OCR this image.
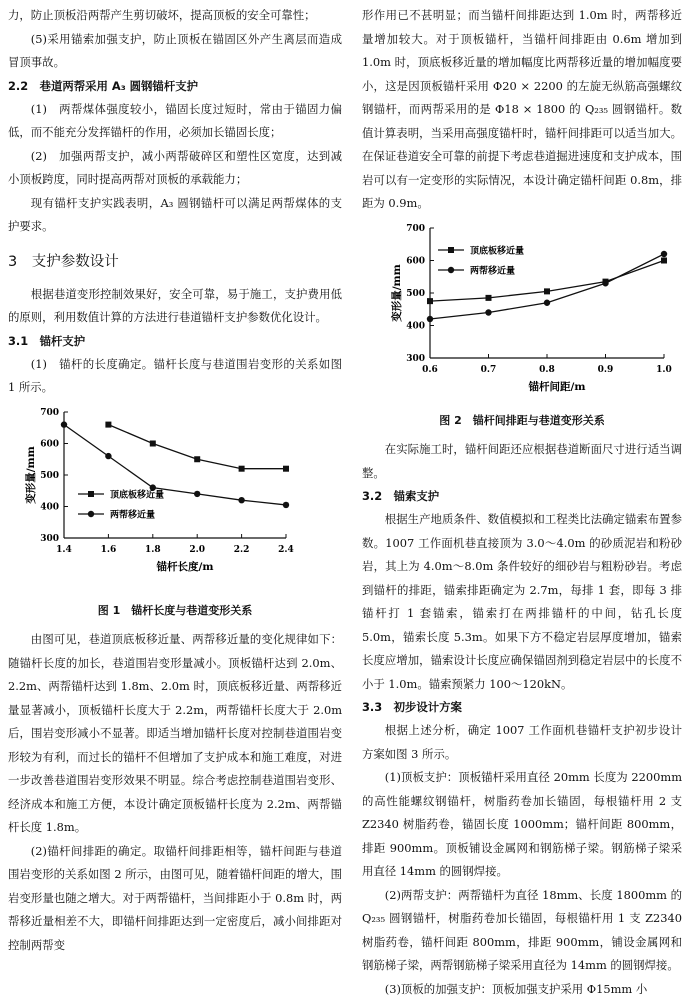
力，防止顶板沿两帮产生剪切破坏，提高顶板的安全可靠性；

(5)采用锚索加强支护，防止顶板在锚固区外产生离层而造成冒顶事故。

2.2　巷道两帮采用 A₃ 圆钢锚杆支护

(1)　两帮煤体强度较小，锚固长度过短时，常由于锚固力偏低，而不能充分发挥锚杆的作用，必须加长锚固长度；

(2)　加强两帮支护，减小两帮破碎区和塑性区宽度，达到减小顶板跨度，同时提高两帮对顶板的承载能力；

现有锚杆支护实践表明，A₃ 圆钢锚杆可以满足两帮煤体的支护要求。

3　支护参数设计

根据巷道变形控制效果好，安全可靠，易于施工，支护费用低的原则，利用数值计算的方法进行巷道锚杆支护参数优化设计。

3.1　锚杆支护

(1)　锚杆的长度确定。锚杆长度与巷道围岩变形的关系如图 1 所示。

300
400
500
600
700
1.4	1.6	1.8	2.0	2.2	2.4
锚杆长度/m
变形量/mm	顶底板移近量
两帮移近量
图 1　锚杆长度与巷道变形关系

由图可见，巷道顶底板移近量、两帮移近量的变化规律如下：随锚杆长度的加长，巷道围岩变形量减小。顶板锚杆达到 2.0m、2.2m、两帮锚杆达到 1.8m、2.0m 时，顶底板移近量、两帮移近量显著减小，顶板锚杆长度大于 2.2m，两帮锚杆长度大于 2.0m 后，围岩变形减小不显著。即适当增加锚杆长度对控制巷道围岩变形较为有利，而过长的锚杆不但增加了支护成本和施工难度，对进一步改善巷道围岩变形效果不明显。综合考虑控制巷道围岩变形、经济成本和施工方便，本设计确定顶板锚杆长度为 2.2m、两帮锚杆长度 1.8m。

(2)锚杆间排距的确定。取锚杆间排距相等，锚杆间距与巷道围岩变形的关系如图 2 所示，由图可见，随着锚杆间距的增大，围岩变形量也随之增大。对于两帮锚杆，当间排距小于 0.8m 时，两帮移近量相差不大，即锚杆间排距达到一定密度后，减小间排距对控制两帮变

形作用已不甚明显；而当锚杆间排距达到 1.0m 时，两帮移近量增加较大。对于顶板锚杆，当锚杆间排距由 0.6m 增加到 1.0m 时，顶底板移近量的增加幅度比两帮移近量的增加幅度要小，这是因顶板锚杆采用 Φ20 × 2200 的左旋无纵筋高强螺纹钢锚杆，而两帮采用的是 Φ18 × 1800 的 Q₂₃₅ 圆钢锚杆。数值计算表明，当采用高强度锚杆时，锚杆间排距可以适当加大。在保证巷道安全可靠的前提下考虑巷道掘进速度和支护成本，围岩可以有一定变形的实际情况，本设计确定锚杆间距 0.8m，排距为 0.9m。

300
400
500
600
700
0.6	0.7	0.8	0.9	1.0
锚杆间距/m
变形量/mm
顶底板移近量
两帮移近量
图 2　锚杆间排距与巷道变形关系

在实际施工时，锚杆间距还应根据巷道断面尺寸进行适当调整。

3.2　锚索支护

根据生产地质条件、数值模拟和工程类比法确定锚索布置参数。1007 工作面机巷直接顶为 3.0～4.0m 的砂质泥岩和粉砂岩，其上为 4.0m～8.0m 条件较好的细砂岩与粗粉砂岩。考虑到锚杆的排距，锚索排距确定为 2.7m，每排 1 套，即每 3 排锚杆打 1 套锚索，锚索打在两排锚杆的中间，钻孔长度 5.0m，锚索长度 5.3m。如果下方不稳定岩层厚度增加，锚索长度应增加，锚索设计长度应确保锚固剂到稳定岩层中的长度不小于 1.0m。锚索预紧力 100～120kN。

3.3　初步设计方案

根据上述分析，确定 1007 工作面机巷锚杆支护初步设计方案如图 3 所示。

(1)顶板支护：顶板锚杆采用直径 20mm 长度为 2200mm 的高性能螺纹钢锚杆，树脂药卷加长锚固，每根锚杆用 2 支 Z2340 树脂药卷，锚固长度 1000mm；锚杆间距 800mm，排距 900mm。顶板铺设金属网和钢筋梯子梁。钢筋梯子梁采用直径 14mm 的圆钢焊接。

(2)两帮支护：两帮锚杆为直径 18mm、长度 1800mm 的 Q₂₃₅ 圆钢锚杆，树脂药卷加长锚固，每根锚杆用 1 支 Z2340 树脂药卷，锚杆间距 800mm，排距 900mm，铺设金属网和钢筋梯子梁，两帮钢筋梯子梁采用直径为 14mm 的圆钢焊接。

(3)顶板的加强支护：顶板加强支护采用 Φ15mm 小
